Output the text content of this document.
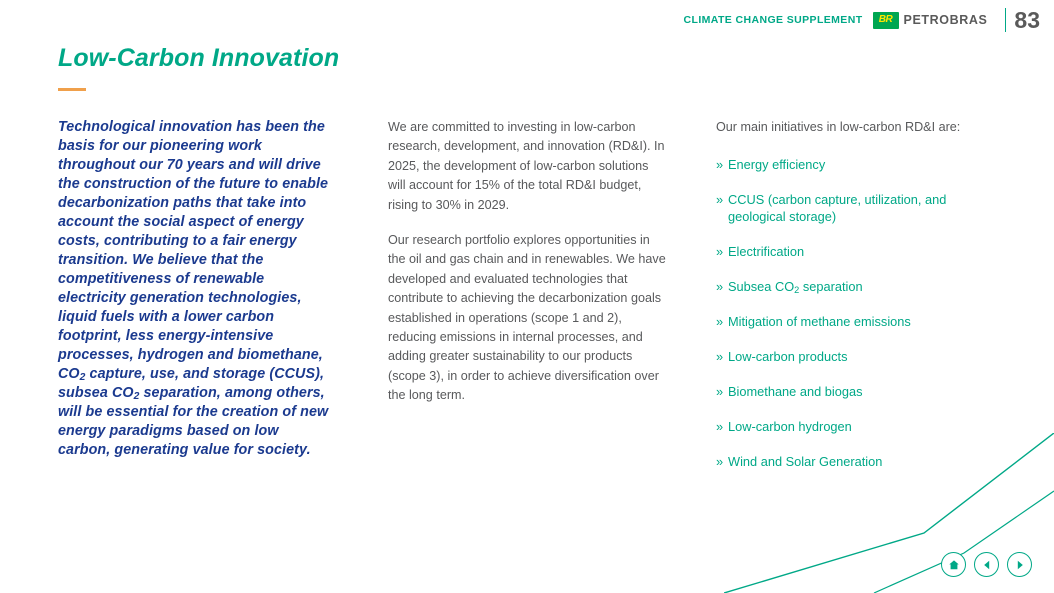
CLIMATE CHANGE SUPPLEMENT BR PETROBRAS 83
Low-Carbon Innovation
Technological innovation has been the basis for our pioneering work throughout our 70 years and will drive the construction of the future to enable decarbonization paths that take into account the social aspect of energy costs, contributing to a fair energy transition. We believe that the competitiveness of renewable electricity generation technologies, liquid fuels with a lower carbon footprint, less energy-intensive processes, hydrogen and biomethane, $CO_2$ capture, use, and storage (CCUS), subsea $CO_2$ separation, among others, will be essential for the creation of new energy paradigms based on low carbon, generating value for society.

We are committed to investing in low-carbon research, development, and innovation (RD&I). In 2025, the development of low-carbon solutions will account for 15% of the total RD&I budget, rising to 30% in 2029.

Our research portfolio explores opportunities in the oil and gas chain and in renewables. We have developed and evaluated technologies that contribute to achieving the decarbonization goals established in operations (scope 1 and 2), reducing emissions in internal processes, and adding greater sustainability to our products (scope 3), in order to achieve diversification over the long term.

Our main initiatives in low-carbon RD&I are:
» Energy efficiency
» CCUS (carbon capture, utilization, and geological storage)
» Electrification
» Subsea $CO_2$ separation
» Mitigation of methane emissions
» Low-carbon products
» Biomethane and biogas
» Low-carbon hydrogen
» Wind and Solar Generation
